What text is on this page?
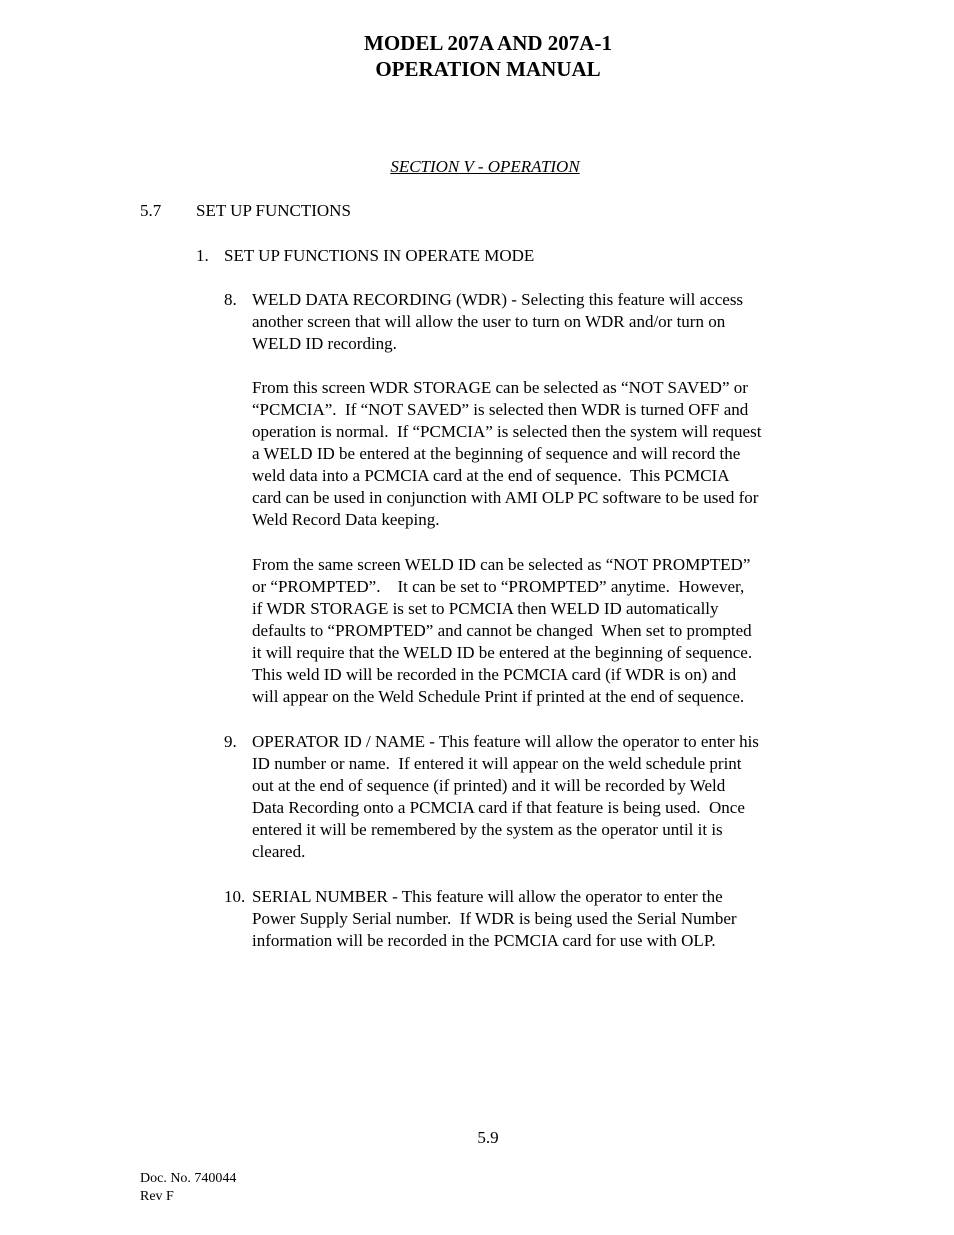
MODEL 207A AND 207A-1
OPERATION MANUAL
SECTION V - OPERATION
5.7 SET UP FUNCTIONS
1. SET UP FUNCTIONS IN OPERATE MODE
8. WELD DATA RECORDING (WDR) - Selecting this feature will access
another screen that will allow the user to turn on WDR and/or turn on
WELD ID recording.
From this screen WDR STORAGE can be selected as “NOT SAVED” or
“PCMCIA”.  If “NOT SAVED” is selected then WDR is turned OFF and
operation is normal.  If “PCMCIA” is selected then the system will request
a WELD ID be entered at the beginning of sequence and will record the
weld data into a PCMCIA card at the end of sequence.  This PCMCIA
card can be used in conjunction with AMI OLP PC software to be used for
Weld Record Data keeping.
From the same screen WELD ID can be selected as “NOT PROMPTED”
or “PROMPTED”.    It can be set to “PROMPTED” anytime.  However,
if WDR STORAGE is set to PCMCIA then WELD ID automatically
defaults to “PROMPTED” and cannot be changed  When set to prompted
it will require that the WELD ID be entered at the beginning of sequence.
This weld ID will be recorded in the PCMCIA card (if WDR is on) and
will appear on the Weld Schedule Print if printed at the end of sequence.
9. OPERATOR ID / NAME - This feature will allow the operator to enter his
ID number or name.  If entered it will appear on the weld schedule print
out at the end of sequence (if printed) and it will be recorded by Weld
Data Recording onto a PCMCIA card if that feature is being used.  Once
entered it will be remembered by the system as the operator until it is
cleared.
10. SERIAL NUMBER - This feature will allow the operator to enter the
Power Supply Serial number.  If WDR is being used the Serial Number
information will be recorded in the PCMCIA card for use with OLP.
5.9
Doc. No. 740044
Rev F
